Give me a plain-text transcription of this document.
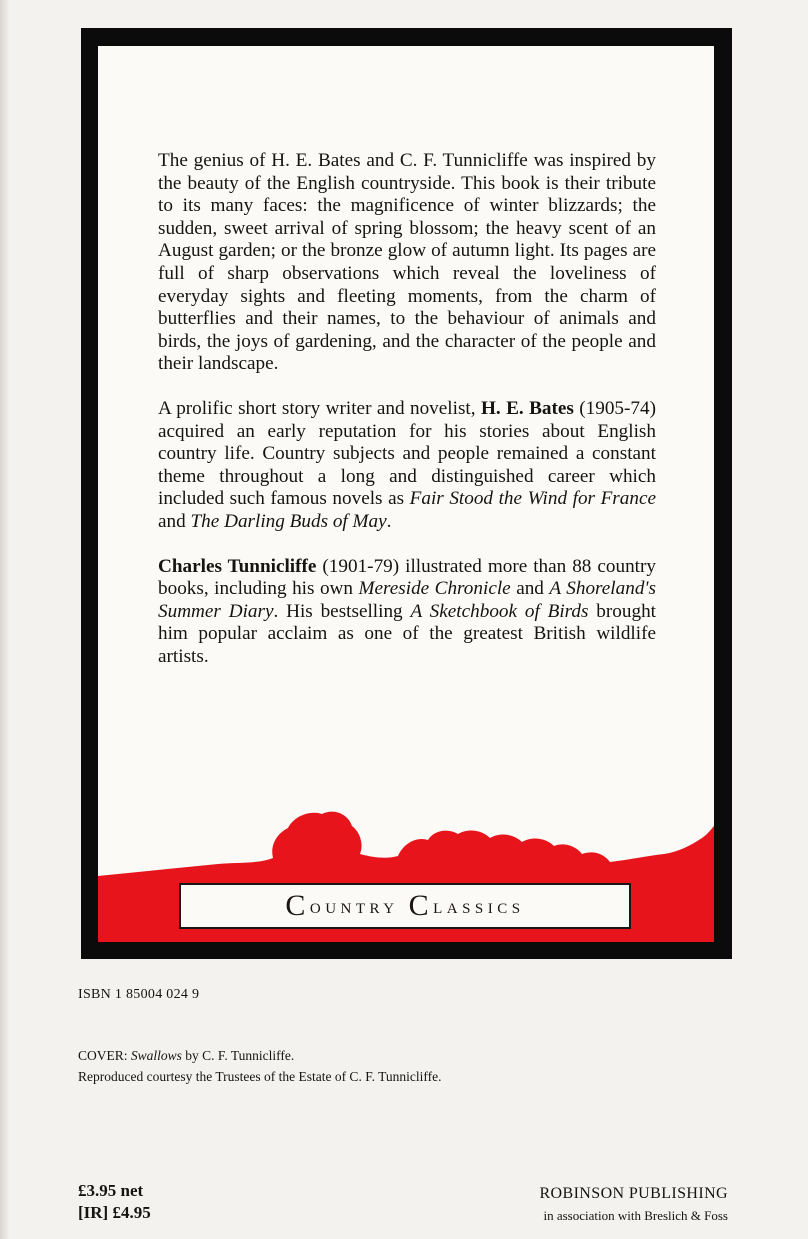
C ountry
C lassics

The genius of H. E. Bates and C. F. Tunnicliffe was inspired by the beauty of the English countryside. This book is their tribute to its many faces: the magnificence of winter blizzards; the sudden, sweet arrival of spring blossom; the heavy scent of an August garden; or the bronze glow of autumn light. Its pages are full of sharp observations which reveal the loveliness of everyday sights and fleeting moments, from the charm of butterflies and their names, to the behaviour of animals and birds, the joys of gardening, and the character of the people and their landscape.

A prolific short story writer and novelist, H. E. Bates (1905-74) acquired an early reputation for his stories about English country life. Country subjects and people remained a constant theme throughout a long and distinguished career which included such famous novels as Fair Stood the Wind for France and The Darling Buds of May.

Charles Tunnicliffe (1901-79) illustrated more than 88 country books, including his own Mereside Chronicle and A Shoreland's Summer Diary. His bestselling A Sketchbook of Birds brought him popular acclaim as one of the greatest British wildlife artists.

ISBN 1 85004 024 9
COVER: Swallows by C. F. Tunnicliffe.
Reproduced courtesy the Trustees of the Estate of C. F. Tunnicliffe.
£3.95 net
[IR] £4.95
ROBINSON PUBLISHING
in association with Breslich & Foss
